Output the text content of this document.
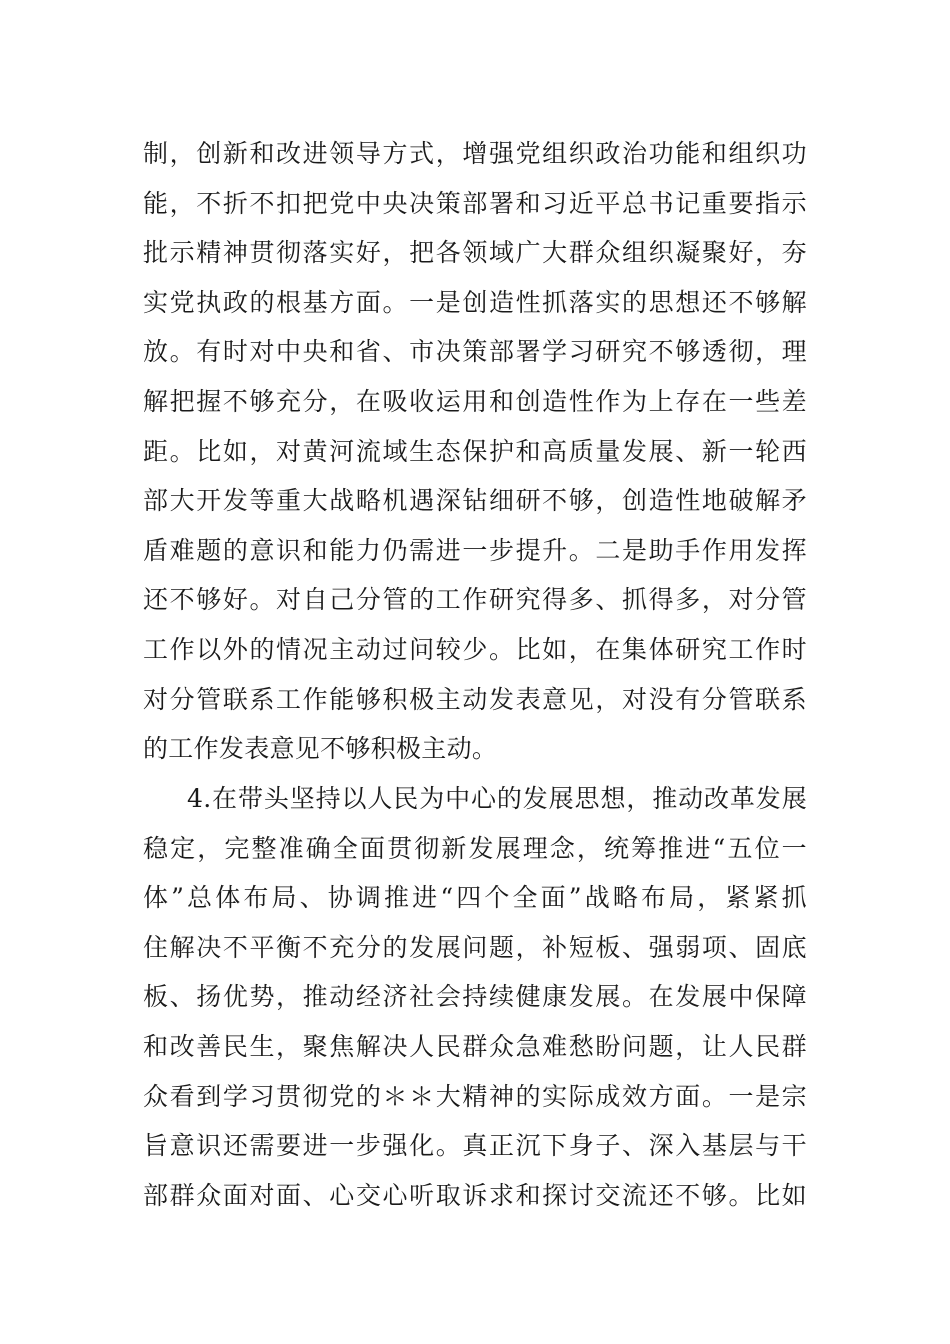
制，创新和改进领导方式，增强党组织政治功能和组织功
能，不折不扣把党中央决策部署和习近平总书记重要指示
批示精神贯彻落实好，把各领域广大群众组织凝聚好，夯
实党执政的根基方面。一是创造性抓落实的思想还不够解
放。有时对中央和省、市决策部署学习研究不够透彻，理
解把握不够充分，在吸收运用和创造性作为上存在一些差
距。比如，对黄河流域生态保护和高质量发展、新一轮西
部大开发等重大战略机遇深钻细研不够，创造性地破解矛
盾难题的意识和能力仍需进一步提升。二是助手作用发挥
还不够好。对自己分管的工作研究得多、抓得多，对分管
工作以外的情况主动过问较少。比如，在集体研究工作时
对分管联系工作能够积极主动发表意见，对没有分管联系
的工作发表意见不够积极主动。
4.在带头坚持以人民为中心的发展思想，推动改革发展
稳定，完整准确全面贯彻新发展理念，统筹推进“五位一
体”总体布局、协调推进“四个全面”战略布局，紧紧抓
住解决不平衡不充分的发展问题，补短板、强弱项、固底
板、扬优势，推动经济社会持续健康发展。在发展中保障
和改善民生，聚焦解决人民群众急难愁盼问题，让人民群
众看到学习贯彻党的＊＊大精神的实际成效方面。一是宗
旨意识还需要进一步强化。真正沉下身子、深入基层与干
部群众面对面、心交心听取诉求和探讨交流还不够。比如
